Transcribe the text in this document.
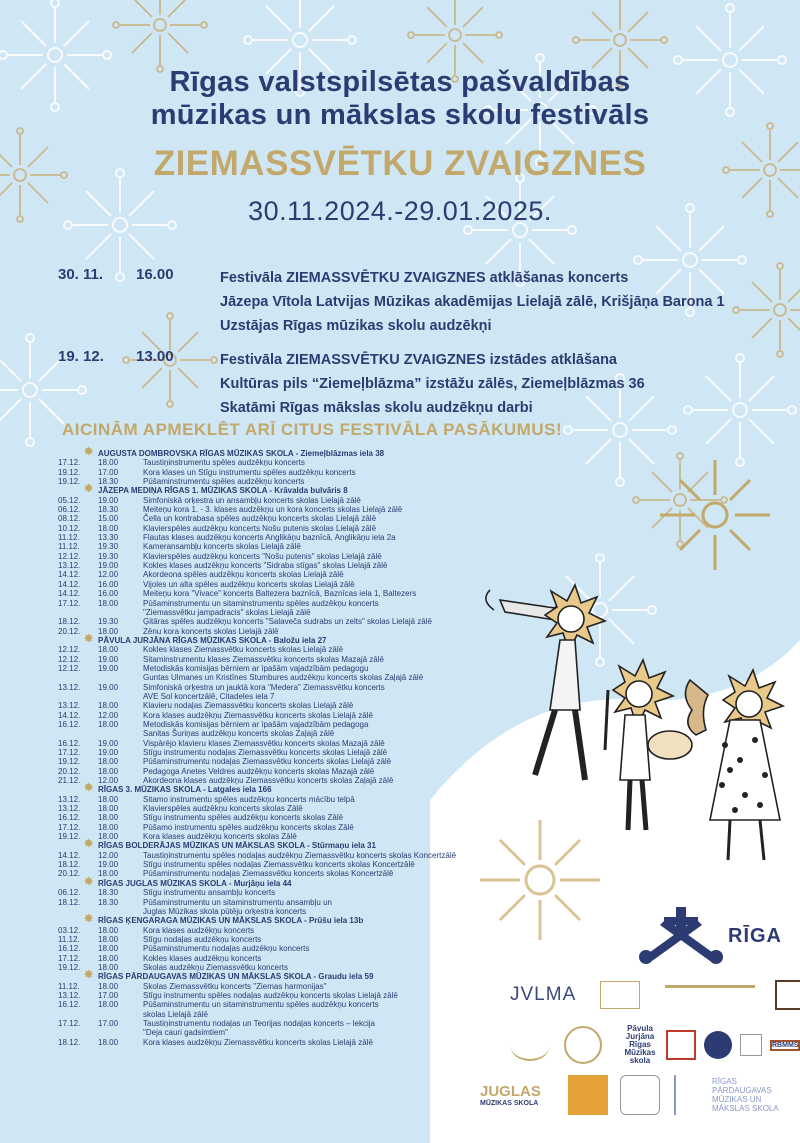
Rīgas valstspilsētas pašvaldības
mūzikas un mākslas skolu festivāls
ZIEMASSVĒTKU ZVAIGZNES
30.11.2024.-29.01.2025.
30. 11. 16.00	Festivāla ZIEMASSVĒTKU ZVAIGZNES atklāšanas koncerts
Jāzepa Vītola Latvijas Mūzikas akadēmijas Lielajā zālē, Krišjāņa Barona 1
Uzstājas Rīgas mūzikas skolu audzēkņi
19. 12. 13.00	Festivāla ZIEMASSVĒTKU ZVAIGZNES izstādes atklāšana
Kultūras pils “Ziemeļblāzma” izstāžu zālēs, Ziemeļblāzmas 36
Skatāmi Rīgas mākslas skolu audzēkņu darbi
AICINĀM APMEKLĒT ARĪ CITUS FESTIVĀLA PASĀKUMUS!
✸ AUGUSTA DOMBROVSKA RĪGAS MŪZIKAS SKOLA - Ziemeļblāzmas iela 38
17.12. 18.00	Taustiņinstrumentu spēles audzēkņu koncerts
19.12. 17.00	Kora klases un Stīgu instrumentu spēles audzēkņu koncerts
19.12. 18.30	Pūšaminstrumentu spēles audzēkņu koncerts
✸ JĀZEPA MEDIŅA RĪGAS 1. MŪZIKAS SKOLA - Krāvalda bulvāris 8
05.12. 19.00	Simfoniskā orķestra un ansambļu koncerts skolas Lielajā zālē
06.12. 18.30	Meiteņu kora 1. - 3. klases audzēkņu un kora koncerts skolas Lielajā zālē
08.12. 15.00	Čella un kontrabasa spēles audzēkņu koncerts skolas Lielajā zālē
10.12. 18.00	Klavierspēles audzēkņu koncerts Nošu putenis skolas Lielajā zālē
11.12. 13.30	Flautas klases audzēkņu koncerts Anglikāņu baznīcā, Anglikāņu iela 2a
11.12. 19.30	Kameransambļu koncerts skolas Lielajā zālē
12.12. 19.30	Klavierspēles audzēkņu koncerts "Nošu putenis" skolas Lielajā zālē
13.12. 19.00	Kokles klases audzēkņu koncerts "Sidraba stīgas" skolas Lielajā zālē
14.12. 12.00	Akordeona spēles audzēkņu koncerts skolas Lielajā zālē
14.12. 16.00	Vijoles un alta spēles audzēkņu koncerts skolas Lielajā zālē
14.12. 16.00	Meiteņu kora "Vivace" koncerts Baltezera baznīcā, Baznīcas iela 1, Baltezers
17.12. 18.00	Pūšaminstrumentu un sitaminstrumentu spēles audzēkņu koncerts
"Ziemassvētku jampadracis" skolas Lielajā zālē
18.12. 19.30	Ģitāras spēles audzēkņu koncerts "Salaveča sudrabs un zelts" skolas Lielajā zālē
20.12. 18.00	Zēnu kora koncerts skolas Lielajā zālē
✸ PĀVULA JURJĀNA RĪGAS MŪZIKAS SKOLA - Baložu iela 27
12.12. 18.00	Kokles klases Ziemassvētku koncerts skolas Lielajā zālē
12.12. 19.00	Sitaminstrumentu klases Ziemassvētku koncerts skolas Mazajā zālē
12.12. 19.00	Metodiskās komisijas bērniem ar īpašām vajadzībām pedagogu
Guntas Ulmanes un Kristīnes Stumbures audzēkņu koncerts skolas Zaļajā zālē
13.12. 19.00	Simfoniskā orķestra un jauktā kora "Medera" Ziemassvētku koncerts
AVE Sol koncertzālē, Citadeles iela 7
13.12. 18.00	Klavieru nodaļas Ziemassvētku koncerts skolas Lielajā zālē
14.12. 12.00	Kora klases audzēkņu Ziemassvētku koncerts skolas Lielajā zālē
16.12. 18.00	Metodiskās komisijas bērniem ar īpašām vajadzībām pedagoga
Sanitas Šuriņas audzēkņu koncerts skolas Zaļajā zālē
16.12. 19.00	Vispārējo klavieru klases Ziemassvētku koncerts skolas Mazajā zālē
17.12. 19.00	Stīgu instrumentu nodaļas Ziemassvētku koncerts skolas Lielajā zālē
19.12. 18.00	Pūšaminstrumentu nodaļas Ziemassvētku koncerts skolas Lielajā zālē
20.12. 18.00	Pedagoga Anetes Veldres audzēkņu koncerts skolas Mazajā zālē
21.12. 12.00	Akordeona klases audzēkņu Ziemassvētku koncerts skolas Zaļajā zālē
✸ RĪGAS 3. MŪZIKAS SKOLA - Latgales iela 166
13.12. 18.00	Sitamo instrumentu spēles audzēkņu koncerts mācību telpā
13.12. 18.00	Klavierspēles audzēkņu koncerts skolas Zālē
16.12. 18.00	Stīgu instrumentu spēles audzēkņu koncerts skolas Zālē
17.12. 18.00	Pūšamo instrumentu spēles audzēkņu koncerts skolas Zālē
19.12. 18.00	Kora klases audzēkņu koncerts skolas Zālē
✸ RĪGAS BOLDERĀJAS MŪZIKAS UN MĀKSLAS SKOLA - Stūrmaņu iela 31
14.12. 12.00	Taustiņinstrumentu spēles nodaļas audzēkņu Ziemassvētku koncerts skolas Koncertzālē
18.12. 19.00	Stīgu instrumentu spēles nodaļas Ziemassvētku koncerts skolas Koncertzālē
20.12. 18.00	Pūšaminstrumentu nodaļas Ziemassvētku koncerts skolas Koncertzālē
✸ RĪGAS JUGLAS MŪZIKAS SKOLA - Murjāņu iela 44
06.12. 18.30	Stīgu instrumentu ansambļu koncerts
18.12. 18.30	Pūšaminstrumentu un sitaminstrumentu ansambļu un
Juglas Mūzikas skola pūtēju orķestra koncerts
✸ RĪGAS ĶENGARAGA MŪZIKAS UN MĀKSLAS SKOLA - Prūšu iela 13b
03.12. 18.00	Kora klases audzēkņu koncerts
11.12. 18.00	Stīgu nodaļas audzēkņu koncerts
16.12. 18.00	Pūšaminstrumentu nodaļas audzēkņu koncerts
17.12. 18.00	Kokles klases audzēkņu koncerts
19.12. 18.00	Skolas audzēkņu Ziemassvētku koncerts
✸ RĪGAS PĀRDAUGAVAS MŪZIKAS UN MĀKSLAS SKOLA - Graudu iela 59
11.12. 18.00	Skolas Ziemassvētku koncerts "Ziemas harmonijas"
13.12. 17.00	Stīgu instrumentu spēles nodaļas audzēkņu koncerts skolas Lielajā zālē
16.12. 18.00	Pūšaminstrumentu un sitaminstrumentu spēles audzēkņu koncerts
skolas Lielajā zālē
17.12. 17.00	Taustiņinstrumentu nodaļas un Teorijas nodaļas koncerts – lekcija
"Deja cauri gadsimtiem"
18.12. 18.00	Kora klases audzēkņu Ziemassvētku koncerts skolas Lielajā zālē
RĪGA
JVLMA
Pāvula
Jurjāna
Rīgas
Mūzikas
skola
RBMMS
JUGLAS
MŪZIKAS SKOLA
RĪGAS
PĀRDAUGAVAS
MŪZIKAS UN
MĀKSLAS SKOLA
